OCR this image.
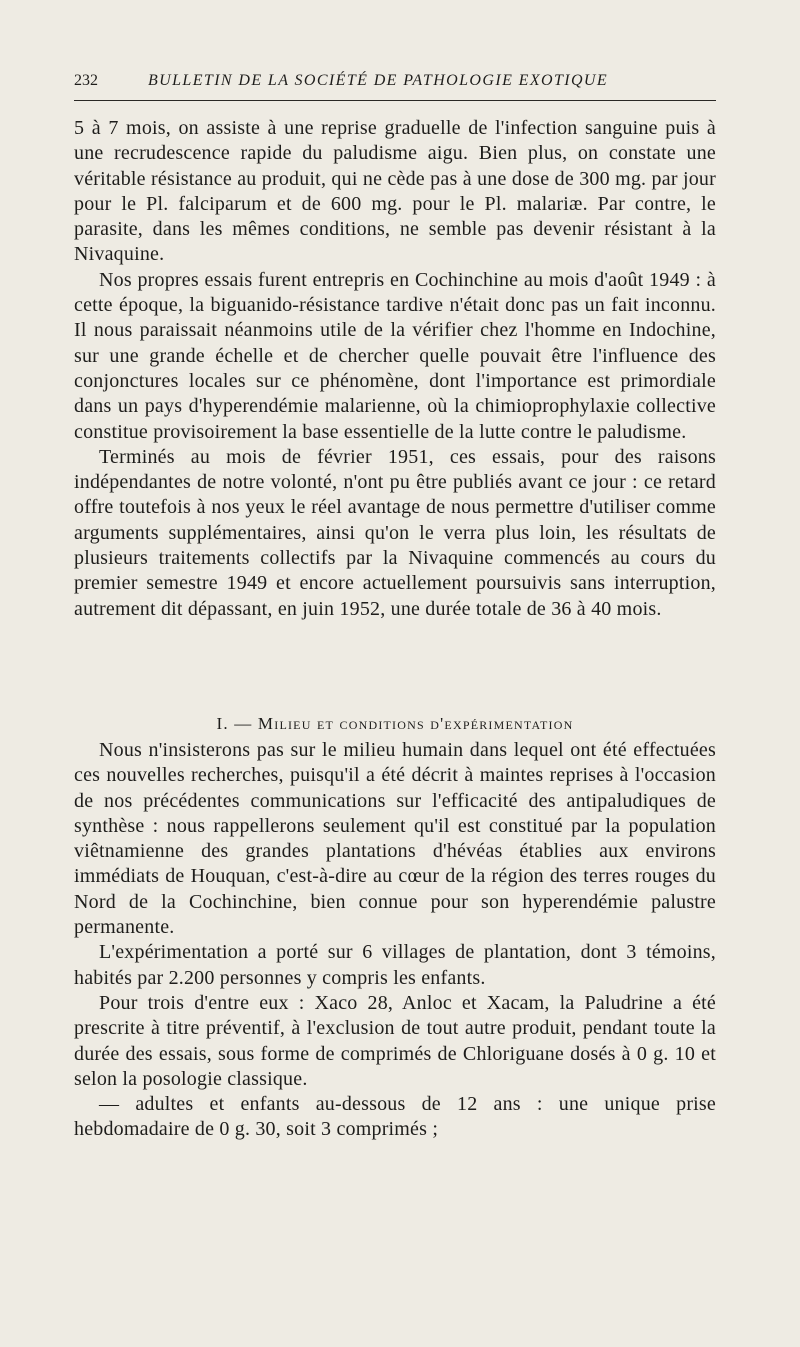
232	BULLETIN DE LA SOCIÉTÉ DE PATHOLOGIE EXOTIQUE

5 à 7 mois, on assiste à une reprise graduelle de l'infection sanguine puis à une recrudescence rapide du paludisme aigu. Bien plus, on constate une véritable résistance au produit, qui ne cède pas à une dose de 300 mg. par jour pour le Pl. falciparum et de 600 mg. pour le Pl. malariæ. Par contre, le parasite, dans les mêmes conditions, ne semble pas devenir résistant à la Nivaquine.

Nos propres essais furent entrepris en Cochinchine au mois d'août 1949 : à cette époque, la biguanido-résistance tardive n'était donc pas un fait inconnu. Il nous paraissait néanmoins utile de la vérifier chez l'homme en Indochine, sur une grande échelle et de chercher quelle pouvait être l'influence des conjonctures locales sur ce phénomène, dont l'importance est primordiale dans un pays d'hyperendémie malarienne, où la chimioprophylaxie collective constitue provisoirement la base essentielle de la lutte contre le paludisme.

Terminés au mois de février 1951, ces essais, pour des raisons indépendantes de notre volonté, n'ont pu être publiés avant ce jour : ce retard offre toutefois à nos yeux le réel avantage de nous permettre d'utiliser comme arguments supplémentaires, ainsi qu'on le verra plus loin, les résultats de plusieurs traitements collectifs par la Nivaquine commencés au cours du premier semestre 1949 et encore actuellement poursuivis sans interruption, autrement dit dépassant, en juin 1952, une durée totale de 36 à 40 mois.

I. — Milieu et conditions d'expérimentation

Nous n'insisterons pas sur le milieu humain dans lequel ont été effectuées ces nouvelles recherches, puisqu'il a été décrit à maintes reprises à l'occasion de nos précédentes communications sur l'efficacité des antipaludiques de synthèse : nous rappellerons seulement qu'il est constitué par la population viêtnamienne des grandes plantations d'hévéas établies aux environs immédiats de Houquan, c'est-à-dire au cœur de la région des terres rouges du Nord de la Cochinchine, bien connue pour son hyperendémie palustre permanente.

L'expérimentation a porté sur 6 villages de plantation, dont 3 témoins, habités par 2.200 personnes y compris les enfants.

Pour trois d'entre eux : Xaco 28, Anloc et Xacam, la Paludrine a été prescrite à titre préventif, à l'exclusion de tout autre produit, pendant toute la durée des essais, sous forme de comprimés de Chloriguane dosés à 0 g. 10 et selon la posologie classique.

— adultes et enfants au-dessous de 12 ans : une unique prise hebdomadaire de 0 g. 30, soit 3 comprimés ;
